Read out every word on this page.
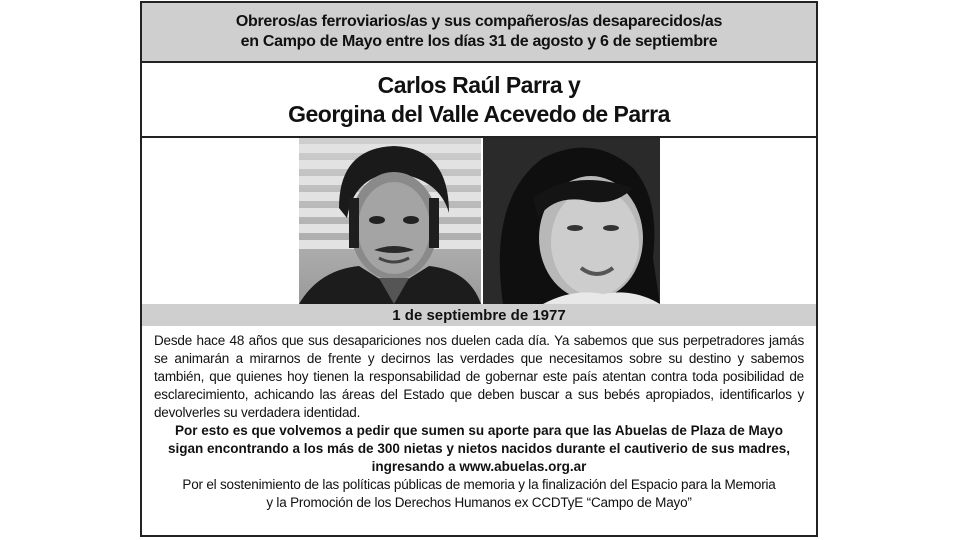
Obreros/as ferroviarios/as y sus compañeros/as desaparecidos/as
en Campo de Mayo entre los días 31 de agosto y 6 de septiembre
Carlos Raúl Parra y
Georgina del Valle Acevedo de Parra
1 de septiembre de 1977

Desde hace 48 años que sus desapariciones nos duelen cada día. Ya sabemos que sus perpetradores jamás se animarán a mirarnos de frente y decirnos las verdades que necesitamos sobre su destino y sabemos también, que quienes hoy tienen la responsabilidad de gobernar este país atentan contra toda posibilidad de esclarecimiento, achicando las áreas del Estado que deben buscar a sus bebés apropiados, identificarlos y devolverles su verdadera identidad.

Por esto es que volvemos a pedir que sumen su aporte para que las Abuelas de Plaza de Mayo
sigan encontrando a los más de 300 nietas y nietos nacidos durante el cautiverio de sus madres,
ingresando a www.abuelas.org.ar

Por el sostenimiento de las políticas públicas de memoria y la finalización del Espacio para la Memoria
y la Promoción de los Derechos Humanos ex CCDTyE “Campo de Mayo”
